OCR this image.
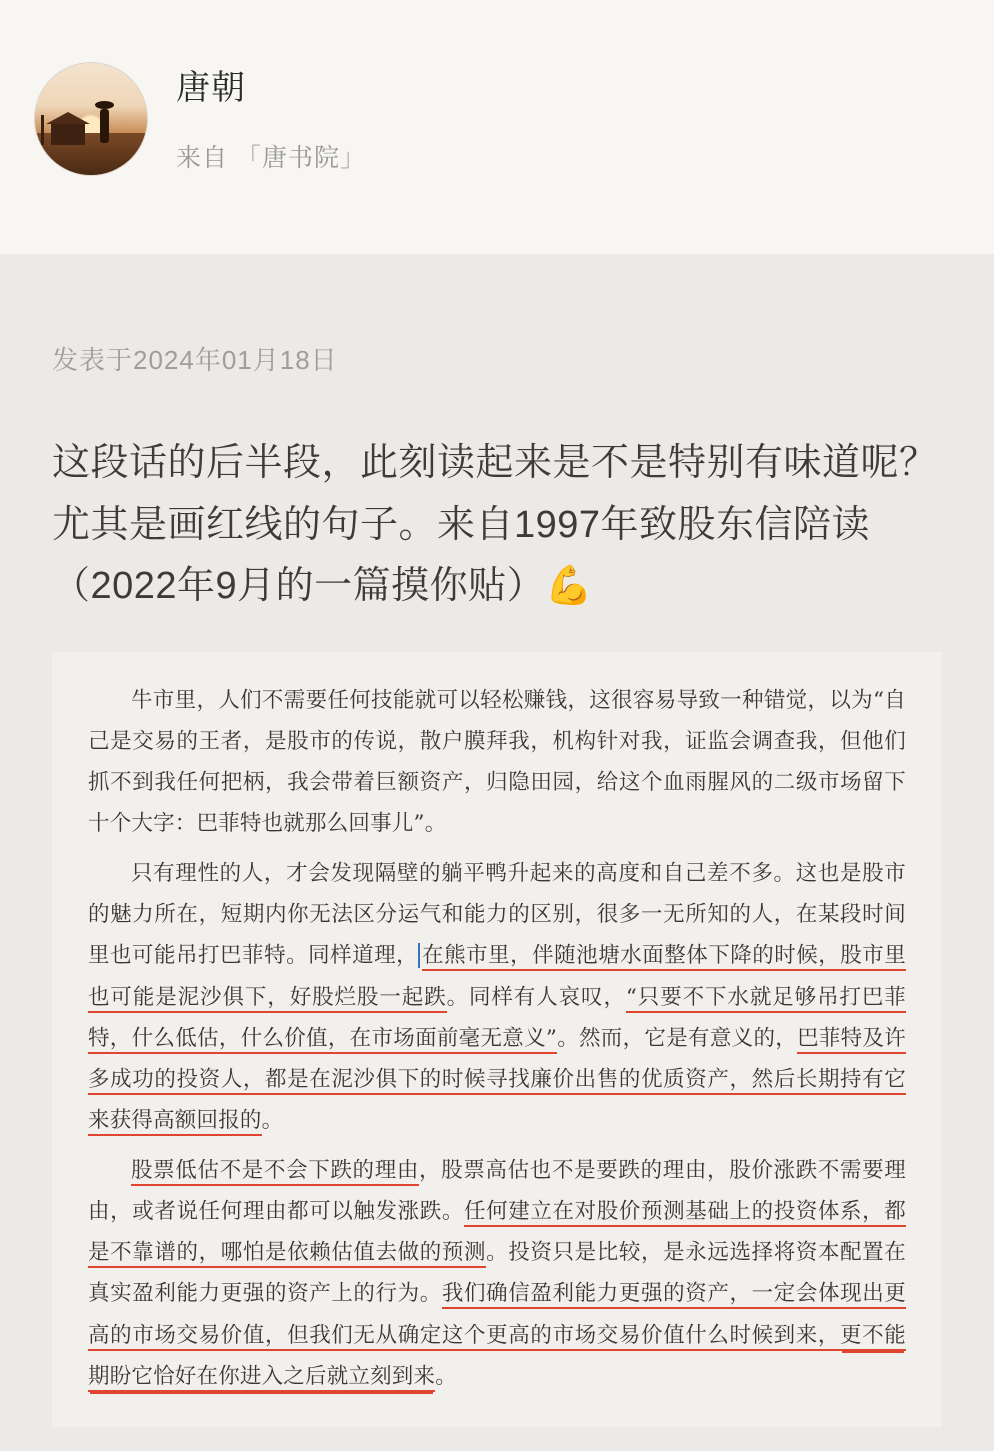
唐朝
来自 「唐书院」
发表于2024年01月18日
这段话的后半段，此刻读起来是不是特别有味道呢？尤其是画红线的句子。来自1997年致股东信陪读（2022年9月的一篇摸你贴）💪

牛市里，人们不需要任何技能就可以轻松赚钱，这很容易导致一种错觉，以为“自己是交易的王者，是股市的传说，散户膜拜我，机构针对我，证监会调查我，但他们抓不到我任何把柄，我会带着巨额资产，归隐田园，给这个血雨腥风的二级市场留下十个大字：巴菲特也就那么回事儿”。

只有理性的人，才会发现隔壁的躺平鸭升起来的高度和自己差不多。这也是股市的魅力所在，短期内你无法区分运气和能力的区别，很多一无所知的人，在某段时间里也可能吊打巴菲特。同样道理， 在熊市里，伴随池塘水面整体下降的时候，股市里也可能是泥沙俱下，好股烂股一起跌。同样有人哀叹，“只要不下水就足够吊打巴菲特，什么低估，什么价值，在市场面前毫无意义”。然而，它是有意义的，巴菲特及许多成功的投资人，都是在泥沙俱下的时候寻找廉价出售的优质资产，然后长期持有它来获得高额回报的。

股票低估不是不会下跌的理由，股票高估也不是要跌的理由，股价涨跌不需要理由，或者说任何理由都可以触发涨跌。任何建立在对股价预测基础上的投资体系，都是不靠谱的，哪怕是依赖估值去做的预测。投资只是比较，是永远选择将资本配置在真实盈利能力更强的资产上的行为。我们确信盈利能力更强的资产，一定会体现出更高的市场交易价值，但我们无从确定这个更高的市场交易价值什么时候到来，更不能期盼它恰好在你进入之后就立刻到来。
